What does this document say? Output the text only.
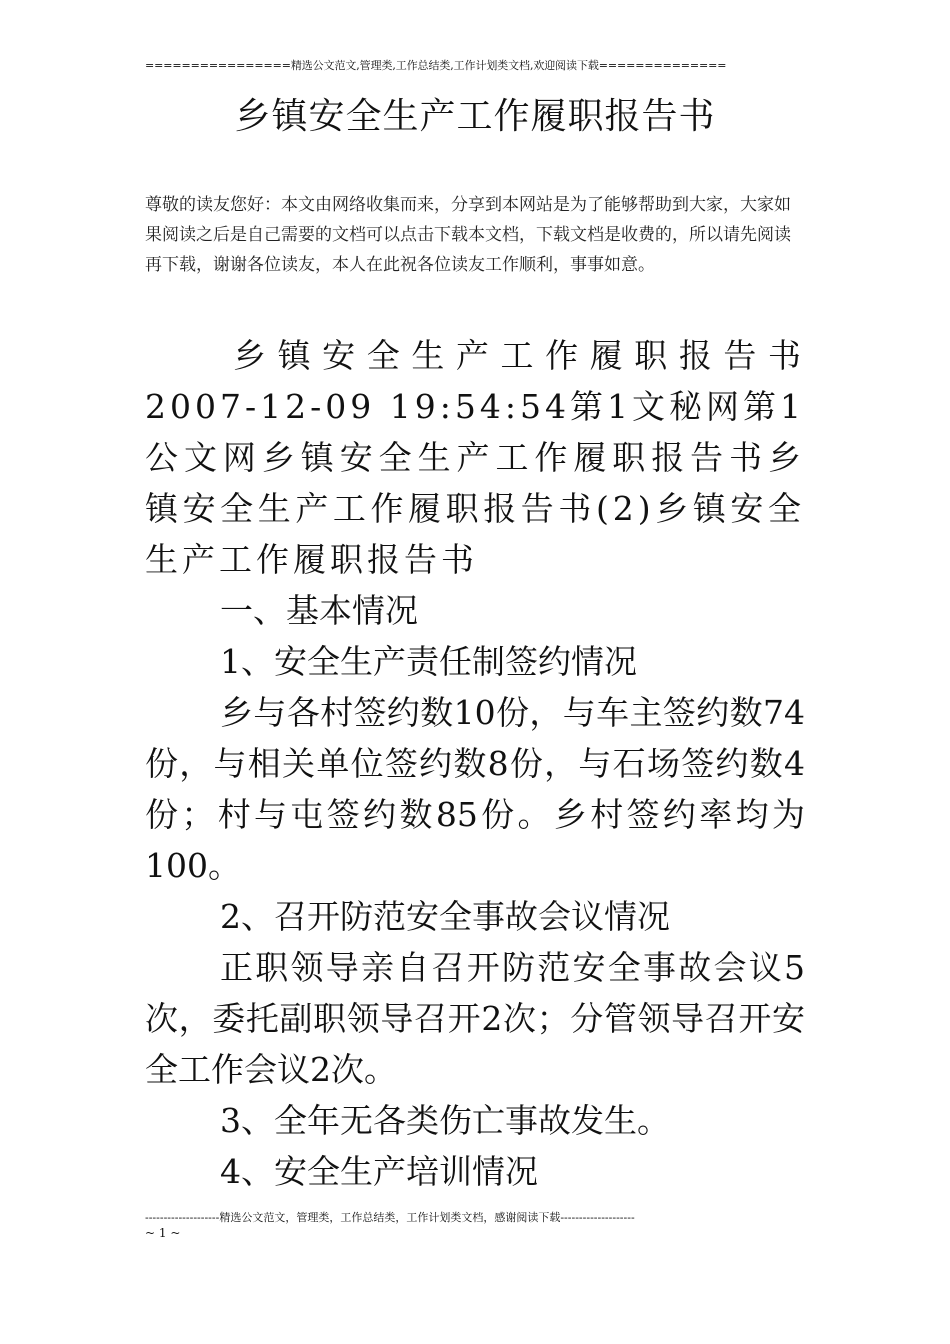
================精选公文范文,管理类,工作总结类,工作计划类文档,欢迎阅读下载==============
乡镇安全生产工作履职报告书
尊敬的读友您好：本文由网络收集而来，分享到本网站是为了能够帮助到大家，大家如果阅读之后是自己需要的文档可以点击下载本文档，下载文档是收费的，所以请先阅读再下载，谢谢各位读友，本人在此祝各位读友工作顺利，事事如意。

乡镇安全生产工作履职报告书2007-12-09 19:54:54第1文秘网第1公文网乡镇安全生产工作履职报告书乡镇安全生产工作履职报告书(2)乡镇安全生产工作履职报告书

一、基本情况

1、安全生产责任制签约情况

乡与各村签约数10份，与车主签约数74份，与相关单位签约数8份，与石场签约数4份；村与屯签约数85份。乡村签约率均为100。

2、召开防范安全事故会议情况

正职领导亲自召开防范安全事故会议5次，委托副职领导召开2次；分管领导召开安全工作会议2次。

3、全年无各类伤亡事故发生。

4、安全生产培训情况

--------------------精选公文范文，管理类，工作总结类，工作计划类文档，感谢阅读下载--------------------
~ 1 ~
